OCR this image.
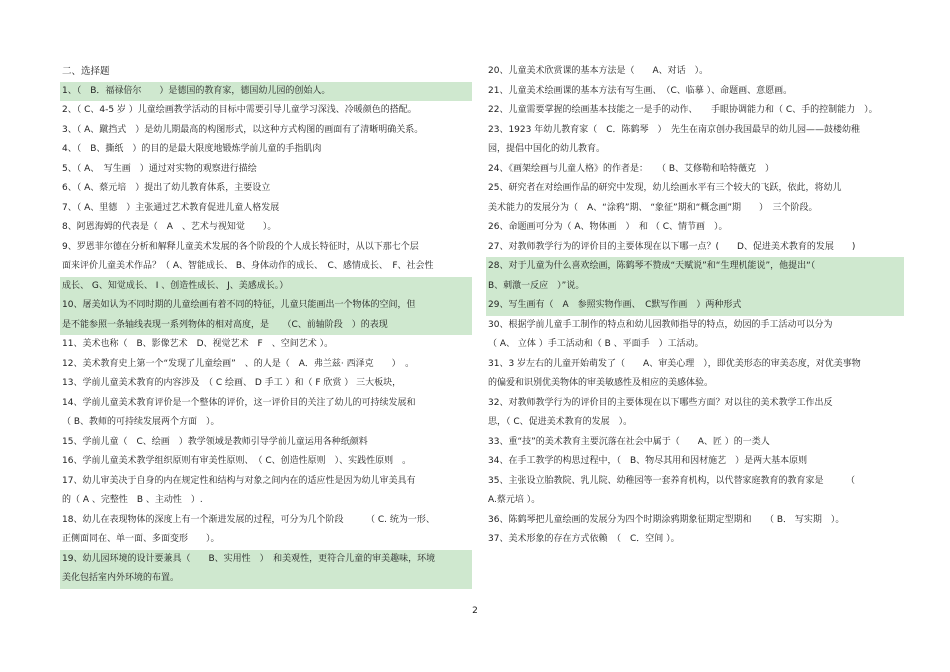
二、选择题
1、（　B．福禄倍尔　　）是德国的教育家，德国幼儿园的创始人。
2、（ C、4-5 岁 ）儿童绘画教学活动的目标中需要引导儿童学习深浅、冷暖颜色的搭配。
3、（ A、蹴挡式　）是幼儿期最高的构图形式，以这种方式构图的画面有了清晰明确关系。
4、（　B、撕纸　）的目的是最大限度地锻炼学前儿童的手指肌肉
5、（ A、　写生画　）通过对实物的观察进行描绘
6、（ A、蔡元培　）提出了幼儿教育体系，主要设立
7、（ A、里德　）主张通过艺术教育促进儿童人格发展
8、阿恩海姆的代表是（　A　、艺术与视知觉　　）。
9、罗恩菲尔德在分析和解释儿童美术发展的各个阶段的个人成长特征时，从以下那七个层
面来评价儿童美术作品？（ A、智能成长、 B、身体动作的成长、　C、感情成长、　F、社会性
成长、 G、知觉成长、 I 、创造性成长、 J、美感成长。）
10、屠美如认为不同时期的儿童绘画有着不同的特征，儿童只能画出一个物体的空间，但
是不能参照一条轴线表现一系列物体的相对高度，是　　（C、前轴阶段　）的表现
11、美术也称（　B、影像艺术　D、视觉艺术　F　、空间艺术 ）。
12、美术教育史上第一个“发现了儿童绘画”　、的人是（　A．弗兰兹· 西泽克　　）　。
13、学前儿童美术教育的内容涉及　（ C 绘画、 D 手工 ）和（ F 欣赏 ） 三大板块，
14、学前儿童美术教育评价是一个整体的评价，这一评价目的关注了幼儿的可持续发展和
（ B、教师的可持续发展两个方面　）。
15、学前儿童（　C、绘画　）教学领域是教师引导学前儿童运用各种纸颜料
16、学前儿童美术教学组织原则有审美性原则、　（ C、创造性原则　）、实践性原则　。
17、幼儿审美决于自身的内在规定性和结构与对象之间内在的适应性是因为幼儿审美具有
的（ A 、完整性　B 、主动性　）.
18、幼儿在表现物体的深度上有一个渐进发展的过程，可分为几个阶段　　　（ C. 统为一形、
正侧面同在、单一面、多面变形　　）。
19、幼儿园环境的设计要兼具（　　B、实用性　）　和美观性，更符合儿童的审美趣味，环境
美化包括室内外环境的布置。
20、儿童美术欣赏课的基本方法是（　　A、对话　）。
21、儿童美术绘画课的基本方法有写生画、　（C、临摹 ）、命题画、意愿画。
22、儿童需要掌握的绘画基本技能之一是手的动作、　　手眼协调能力和（ C、手的控制能力　）。
23、1923 年幼儿教育家（　C．陈鹤琴　）　先生在南京创办我国最早的幼儿园——鼓楼幼稚
园，提倡中国化的幼儿教育。
24、《画架绘画与儿童人格》的作者是：　　（ B、艾修勒和哈特薇克　）
25、研究者在对绘画作品的研究中发现，幼儿绘画水平有三个较大的飞跃，依此，将幼儿
美术能力的发展分为（　A、“涂鸦”期、 “象征”期和“概念画”期　　）　三个阶段。
26、命题画可分为（ A、物体画　）　和 （ C、情节画　）。
27、对教师教学行为的评价目的主要体现在以下哪一点？(　　D、促进美术教育的发展　　)
28、对于儿童为什么喜欢绘画，陈鹤琴不赞成“天赋说”和“生理机能说”，他提出“（
B、刺激一反应　）”说。
29、写生画有（　A　参照实物作画、　C默写作画　）两种形式
30、根据学前儿童手工制作的特点和幼儿园教师指导的特点，幼园的手工活动可以分为
（ A、 立体 ）手工活动和（ B 、平面手　）工活动。
31、3 岁左右的儿童开始萌发了（　　A、审美心理　），即优美形态的审美态度，对优美事物
的偏爱和识别优美物体的审美敏感性及相应的美感体验。
32、对教师教学行为的评价目的主要体现在以下哪些方面？对以往的美术教学工作出反
思，（ C、促进美术教育的发展　）。
33、重“技”的美术教育主要沉落在社会中属于（　　A、匠 ）的一类人
34、在手工教学的构思过程中，（　B、物尽其用和因材施艺　）是两大基本原则
35、主张设立胎教院、乳儿院、幼稚园等一套养育机构，以代替家庭教育的教育家是　　　（
A.蔡元培 ）。
36、陈鹤琴把儿童绘画的发展分为四个时期涂鸦期象征期定型期和　　（ B． 写实期　）。
37、美术形象的存在方式依赖　（　C．空间 ）。
2
